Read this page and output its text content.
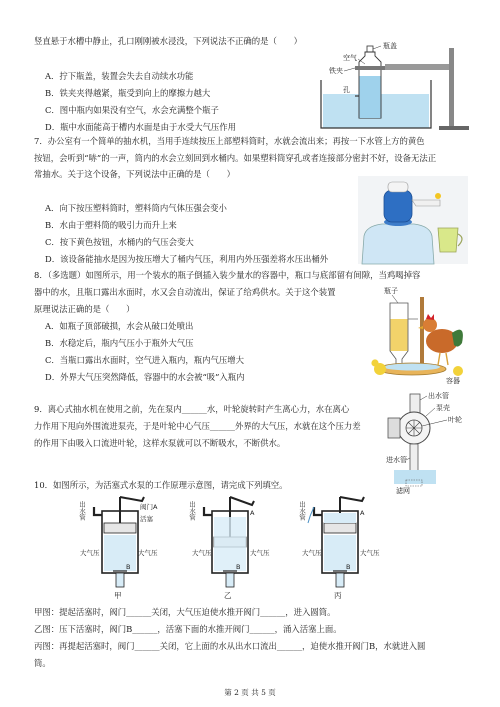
竖直悬于水槽中静止，孔口刚刚被水浸没，下列说法不正确的是（　　）
A．拧下瓶盖，装置会失去自动续水功能
B．铁夹夹得越紧，瓶受到向上的摩擦力越大
C．图中瓶内如果没有空气，水会充满整个瓶子
D．瓶中水面能高于槽内水面是由于水受大气压作用
瓶盖
空气
铁夹
孔
7．办公室有一个简单的抽水机，当用手连续按压上部塑料筒时，水就会流出来；再按一下水管上方的黄色
按钮，会听到“哧”的一声，筒内的水会立刻回到水桶内。如果塑料筒穿孔或者连接部分密封不好，设备无法正
常抽水。关于这个设备，下列说法中正确的是（　　）
A．向下按压塑料筒时，塑料筒内气体压强会变小
B．水由于塑料筒的吸引力而升上来
C．按下黄色按钮，水桶内的气压会变大
D．该设备能抽水是因为按压增大了桶内气压，利用内外压强差将水压出桶外
8．（多选题）如图所示，用一个装水的瓶子倒插入装少量水的容器中，瓶口与底部留有间隙，当鸡喝掉容
器中的水，且瓶口露出水面时，水又会自动流出，保证了给鸡供水。关于这个装置
原理说法正确的是（　　）
A．如瓶子顶部破损，水会从破口处喷出
B．水稳定后，瓶内气压小于瓶外大气压
C．当瓶口露出水面时，空气进入瓶内，瓶内气压增大
D．外界大气压突然降低，容器中的水会被“吸”入瓶内
瓶子
容器
9．离心式抽水机在使用之前，先在泵内______水，叶轮旋转时产生离心力，水在离心
力作用下甩向外围流进泵壳，于是叶轮中心气压______外界的大气压，水就在这个压力差
的作用下由吸入口流进叶轮，这样水泵就可以不断吸水，不断供水。
出水管
泵壳
叶轮
进水管
滤网
10．如图所示，为活塞式水泵的工作原理示意图，请完成下列填空。
出水管	阀门A
活塞
大气压	大气压
B
出水管	A
大气压	大气压
B
出水管	A
大气压	大气压
B
甲	乙	丙
甲图：提起活塞时，阀门______关闭，大气压迫使水推开阀门______，进入圆筒。
乙图：压下活塞时，阀门B______，活塞下面的水推开阀门______，涌入活塞上面。
丙图：再提起活塞时，阀门______关闭，它上面的水从出水口流出______，迫使水推开阀门B，水就进入圆
筒。
第 2 页 共 5 页
